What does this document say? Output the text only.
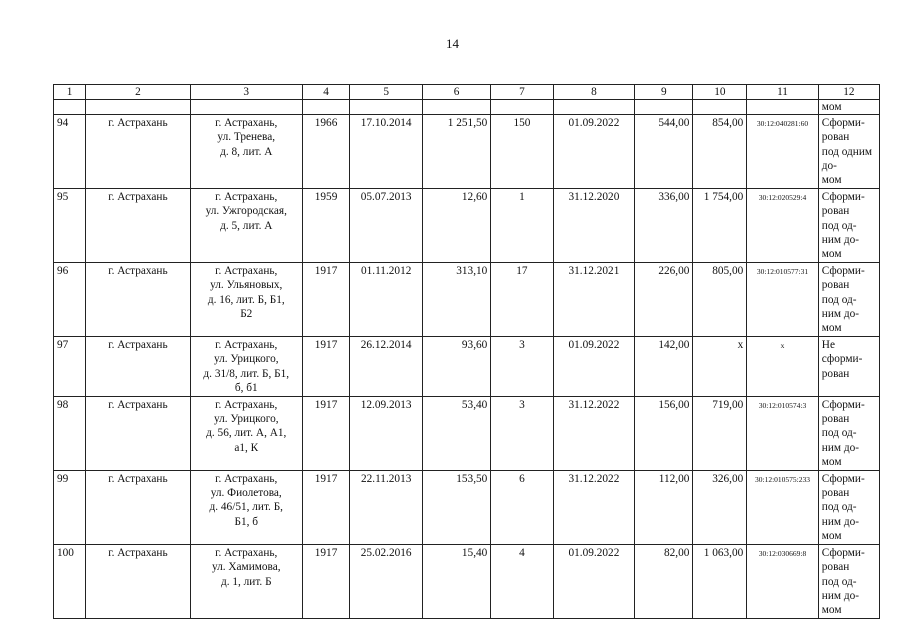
14
1	2	3	4	5	6	7	8	9	10	11	12
											мом
94	г. Астрахань	г. Астрахань,
ул. Тренева,
д. 8, лит. А	1966	17.10.2014	1 251,50	150	01.09.2022	544,00	854,00	30:12:040281:60	Сформи-
рован
под одним
до-
мом

95	г. Астрахань	г. Астрахань,
ул. Ужгородская,
д. 5, лит. А	1959	05.07.2013	12,60	1	31.12.2020	336,00	1 754,00	30:12:020529:4	Сформи-
рован
под од-
ним до-
мом

96	г. Астрахань	г. Астрахань,
ул. Ульяновых,
д. 16, лит. Б, Б1,
Б2	1917	01.11.2012	313,10	17	31.12.2021	226,00	805,00	30:12:010577:31	Сформи-
рован
под од-
ним до-
мом

97	г. Астрахань	г. Астрахань,
ул. Урицкого,
д. 31/8, лит. Б, Б1,
б, б1	1917	26.12.2014	93,60	3	01.09.2022	142,00	х	х	Не
сформи-
рован

98	г. Астрахань	г. Астрахань,
ул. Урицкого,
д. 56, лит. А, А1,
а1, К	1917	12.09.2013	53,40	3	31.12.2022	156,00	719,00	30:12:010574:3	Сформи-
рован
под од-
ним до-
мом

99	г. Астрахань	г. Астрахань,
ул. Фиолетова,
д. 46/51, лит. Б,
Б1, б	1917	22.11.2013	153,50	6	31.12.2022	112,00	326,00	30:12:010575:233	Сформи-
рован
под од-
ним до-
мом

100	г. Астрахань	г. Астрахань,
ул. Хамимова,
д. 1, лит. Б	1917	25.02.2016	15,40	4	01.09.2022	82,00	1 063,00	30:12:030669:8	Сформи-
рован
под од-
ним до-
мом
